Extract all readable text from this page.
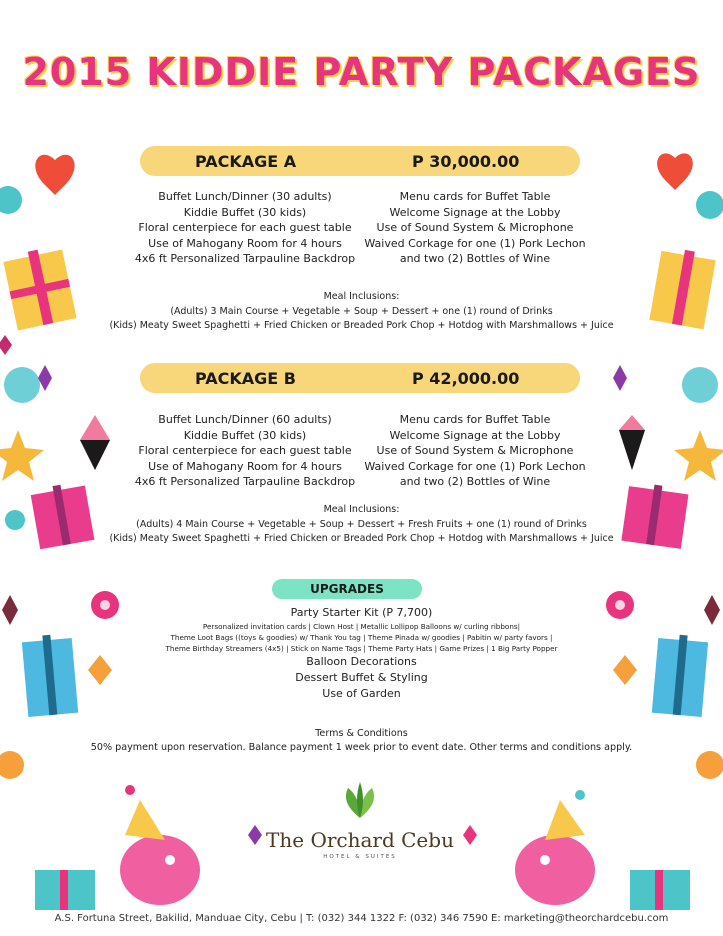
2015 KIDDIE PARTY PACKAGES
PACKAGE A	P 30,000.00
Buffet Lunch/Dinner (30 adults)
Kiddie Buffet (30 kids)
Floral centerpiece for each guest table
Use of Mahogany Room for 4 hours
4x6 ft Personalized Tarpauline Backdrop
Menu cards for Buffet Table
Welcome Signage at the Lobby
Use of Sound System & Microphone
Waived Corkage for one (1) Pork Lechon
and two (2) Bottles of Wine
Meal Inclusions:
(Adults) 3 Main Course + Vegetable + Soup + Dessert + one (1) round of Drinks
(Kids) Meaty Sweet Spaghetti + Fried Chicken or Breaded Pork Chop + Hotdog with Marshmallows + Juice
PACKAGE B	P 42,000.00
Buffet Lunch/Dinner (60 adults)
Kiddie Buffet (30 kids)
Floral centerpiece for each guest table
Use of Mahogany Room for 4 hours
4x6 ft Personalized Tarpauline Backdrop
Menu cards for Buffet Table
Welcome Signage at the Lobby
Use of Sound System & Microphone
Waived Corkage for one (1) Pork Lechon
and two (2) Bottles of Wine
Meal Inclusions:
(Adults) 4 Main Course + Vegetable + Soup + Dessert + Fresh Fruits + one (1) round of Drinks
(Kids) Meaty Sweet Spaghetti + Fried Chicken or Breaded Pork Chop + Hotdog with Marshmallows + Juice
UPGRADES
Party Starter Kit (P 7,700)
Personalized invitation cards | Clown Host | Metallic Lollipop Balloons w/ curling ribbons|
Theme Loot Bags ((toys & goodies) w/ Thank You tag | Theme Pinada w/ goodies | Pabitin w/ party favors |
Theme Birthday Streamers (4x5) | Stick on Name Tags | Theme Party Hats | Game Prizes | 1 Big Party Popper
Balloon Decorations
Dessert Buffet & Styling
Use of Garden
Terms & Conditions
50% payment upon reservation. Balance payment 1 week prior to event date. Other terms and conditions apply.
The Orchard Cebu
HOTEL & SUITES
A.S. Fortuna Street, Bakilid, Manduae City, Cebu | T: (032) 344 1322 F: (032) 346 7590 E: marketing@theorchardcebu.com
